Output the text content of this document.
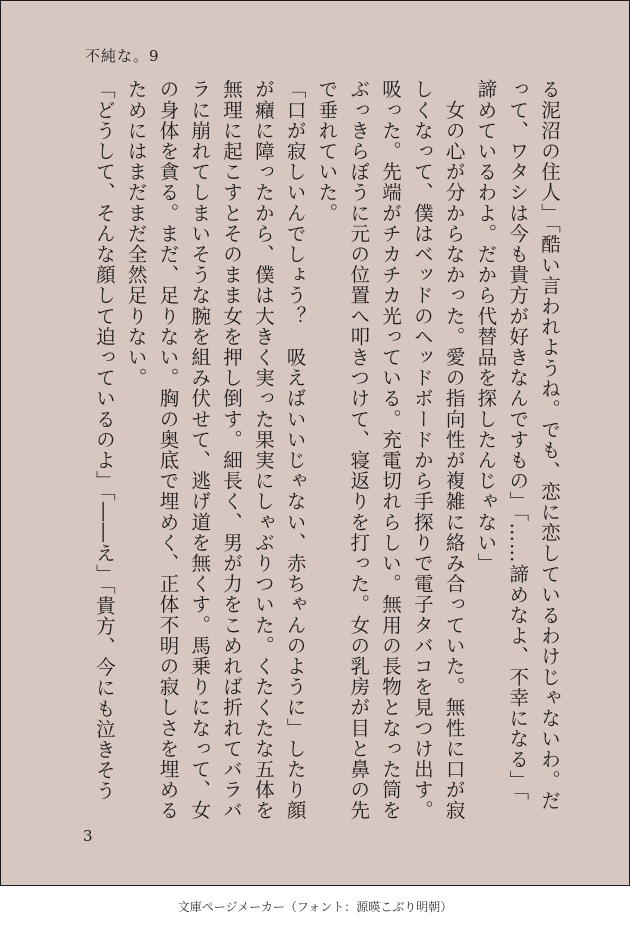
不純な。9

る泥沼の住人」「酷い言われようね。でも、恋に恋しているわけじゃないわ。だ

って、ワタシは今も貴方が好きなんですもの」「……諦めなよ、不幸になる」「

諦めているわよ。だから代替品を探したんじゃない」

　女の心が分からなかった。愛の指向性が複雑に絡み合っていた。無性に口が寂

しくなって、僕はベッドのヘッドボードから手探りで電子タバコを見つけ出す。

吸った。先端がチカチカ光っている。充電切れらしい。無用の長物となった筒を

ぶっきらぼうに元の位置へ叩きつけて、寝返りを打った。女の乳房が目と鼻の先

で垂れていた。

「口が寂しいんでしょう？　吸えばいいじゃない、赤ちゃんのように」したり顔

が癪に障ったから、僕は大きく実った果実にしゃぶりついた。くたくたな五体を

無理に起こすとそのまま女を押し倒す。細長く、男が力をこめれば折れてバラバ

ラに崩れてしまいそうな腕を組み伏せて、逃げ道を無くす。馬乗りになって、女

の身体を貪る。まだ、足りない。胸の奥底で埋めく、正体不明の寂しさを埋める

ためにはまだまだ全然足りない。

「どうして、そんな顔して迫っているのよ」「――え」「貴方、今にも泣きそう

3
文庫ページメーカー（フォント：源暎こぶり明朝）
